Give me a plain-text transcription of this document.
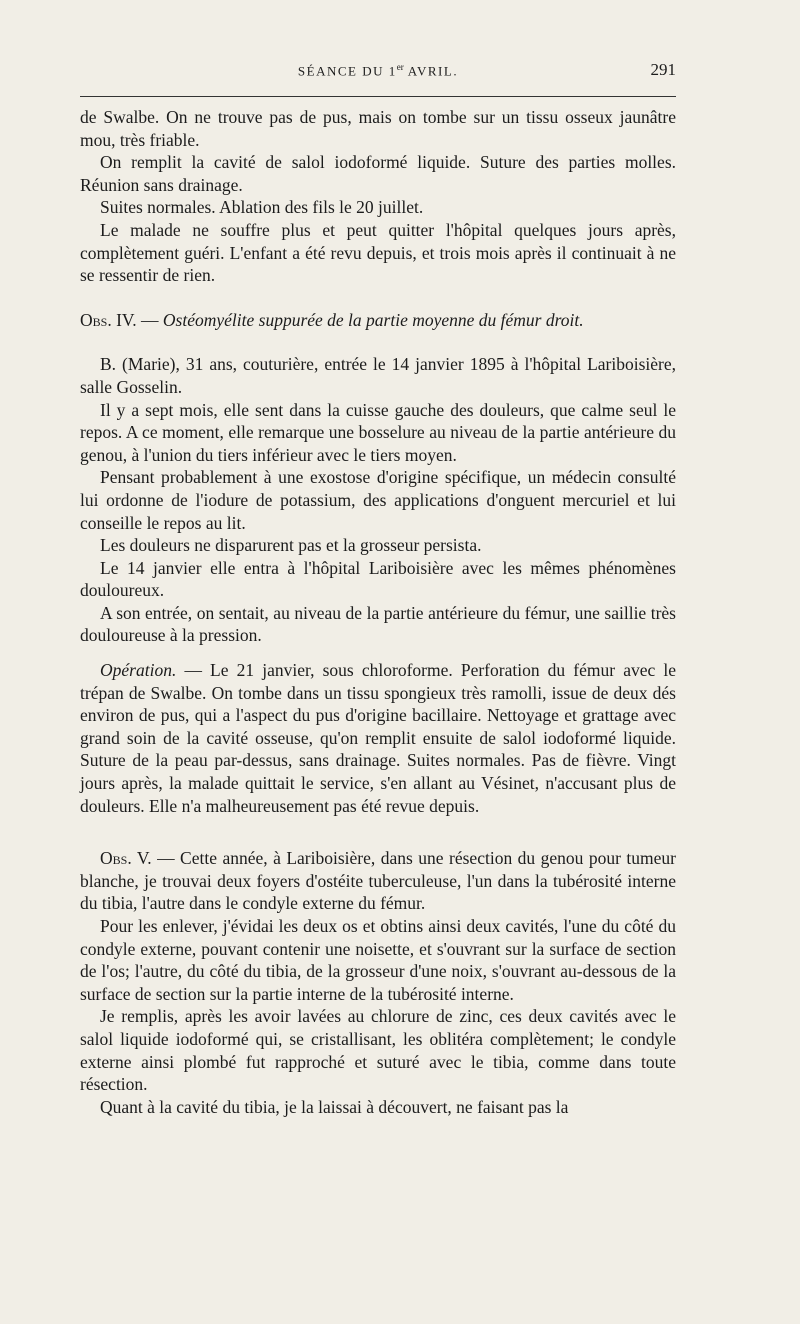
SÉANCE DU 1er AVRIL.	291

de Swalbe. On ne trouve pas de pus, mais on tombe sur un tissu osseux jaunâtre mou, très friable.

On remplit la cavité de salol iodoformé liquide. Suture des parties molles. Réunion sans drainage.

Suites normales. Ablation des fils le 20 juillet.

Le malade ne souffre plus et peut quitter l'hôpital quelques jours après, complètement guéri. L'enfant a été revu depuis, et trois mois après il continuait à ne se ressentir de rien.

Obs. IV. — Ostéomyélite suppurée de la partie moyenne du fémur droit.

B. (Marie), 31 ans, couturière, entrée le 14 janvier 1895 à l'hôpital Lariboisière, salle Gosselin.

Il y a sept mois, elle sent dans la cuisse gauche des douleurs, que calme seul le repos. A ce moment, elle remarque une bosselure au niveau de la partie antérieure du genou, à l'union du tiers inférieur avec le tiers moyen.

Pensant probablement à une exostose d'origine spécifique, un médecin consulté lui ordonne de l'iodure de potassium, des applications d'onguent mercuriel et lui conseille le repos au lit.

Les douleurs ne disparurent pas et la grosseur persista.

Le 14 janvier elle entra à l'hôpital Lariboisière avec les mêmes phénomènes douloureux.

A son entrée, on sentait, au niveau de la partie antérieure du fémur, une saillie très douloureuse à la pression.

Opération. — Le 21 janvier, sous chloroforme. Perforation du fémur avec le trépan de Swalbe. On tombe dans un tissu spongieux très ramolli, issue de deux dés environ de pus, qui a l'aspect du pus d'origine bacillaire. Nettoyage et grattage avec grand soin de la cavité osseuse, qu'on remplit ensuite de salol iodoformé liquide. Suture de la peau par-dessus, sans drainage. Suites normales. Pas de fièvre. Vingt jours après, la malade quittait le service, s'en allant au Vésinet, n'accusant plus de douleurs. Elle n'a malheureusement pas été revue depuis.

Obs. V. — Cette année, à Lariboisière, dans une résection du genou pour tumeur blanche, je trouvai deux foyers d'ostéite tuberculeuse, l'un dans la tubérosité interne du tibia, l'autre dans le condyle externe du fémur.

Pour les enlever, j'évidai les deux os et obtins ainsi deux cavités, l'une du côté du condyle externe, pouvant contenir une noisette, et s'ouvrant sur la surface de section de l'os; l'autre, du côté du tibia, de la grosseur d'une noix, s'ouvrant au-dessous de la surface de section sur la partie interne de la tubérosité interne.

Je remplis, après les avoir lavées au chlorure de zinc, ces deux cavités avec le salol liquide iodoformé qui, se cristallisant, les oblitéra complètement; le condyle externe ainsi plombé fut rapproché et suturé avec le tibia, comme dans toute résection.

Quant à la cavité du tibia, je la laissai à découvert, ne faisant pas la
